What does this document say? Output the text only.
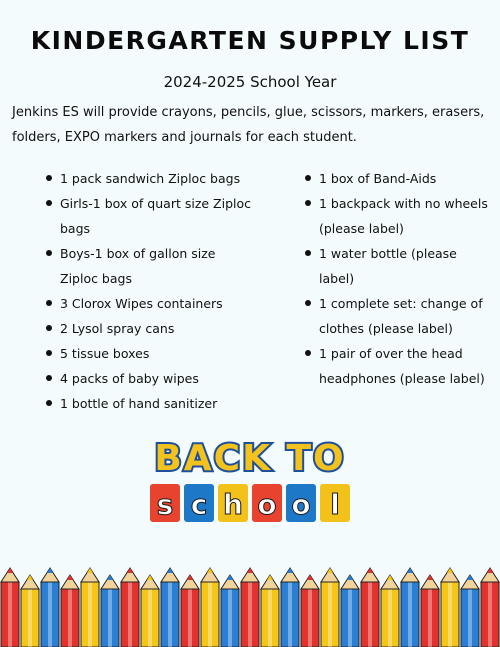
KINDERGARTEN SUPPLY LIST
2024-2025 School Year
Jenkins ES will provide crayons, pencils, glue, scissors, markers, erasers, folders, EXPO markers and journals for each student.
1 pack sandwich Ziploc bags
Girls-1 box of quart size Ziploc bags
Boys-1 box of gallon size Ziploc bags
3 Clorox Wipes containers
2 Lysol spray cans
5 tissue boxes
4 packs of baby wipes
1 bottle of hand sanitizer
1 box of Band-Aids
1 backpack with no wheels (please label)
1 water bottle (please label)
1 complete set: change of clothes (please label)
1 pair of over the head headphones (please label)
BACK TO
s c h o o l
